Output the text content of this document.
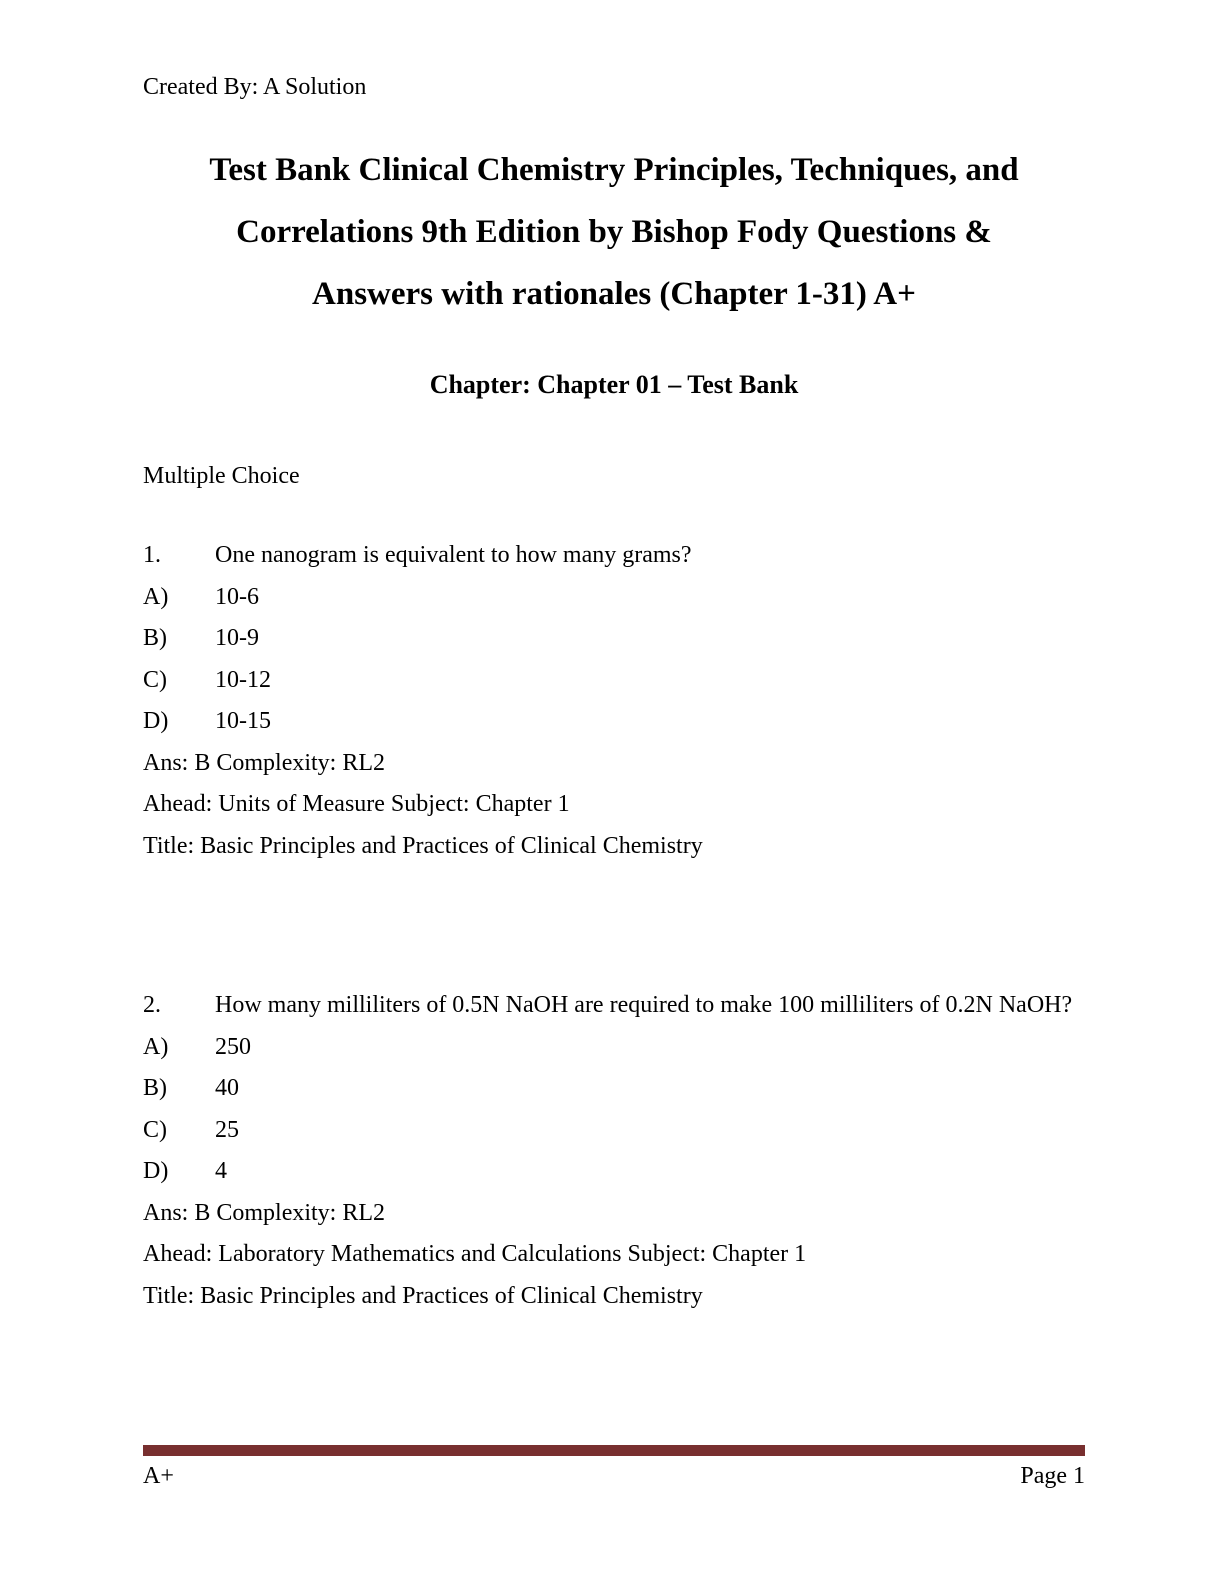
Created By: A Solution

Test Bank Clinical Chemistry Principles, Techniques, and
Correlations 9th Edition by Bishop Fody Questions &
Answers with rationales (Chapter 1-31) A+
Chapter: Chapter 01 – Test Bank

Multiple Choice

1.	One nanogram is equivalent to how many grams?
A)	10-6
B)	10-9
C)	10-12
D)	10-15

Ans: B Complexity: RL2

Ahead: Units of Measure Subject: Chapter 1

Title: Basic Principles and Practices of Clinical Chemistry

2.	How many milliliters of 0.5N NaOH are required to make 100 milliliters of 0.2N NaOH?
A)	250
B)	40
C)	25
D)	4

Ans: B Complexity: RL2

Ahead: Laboratory Mathematics and Calculations Subject: Chapter 1

Title: Basic Principles and Practices of Clinical Chemistry

A+	Page 1
